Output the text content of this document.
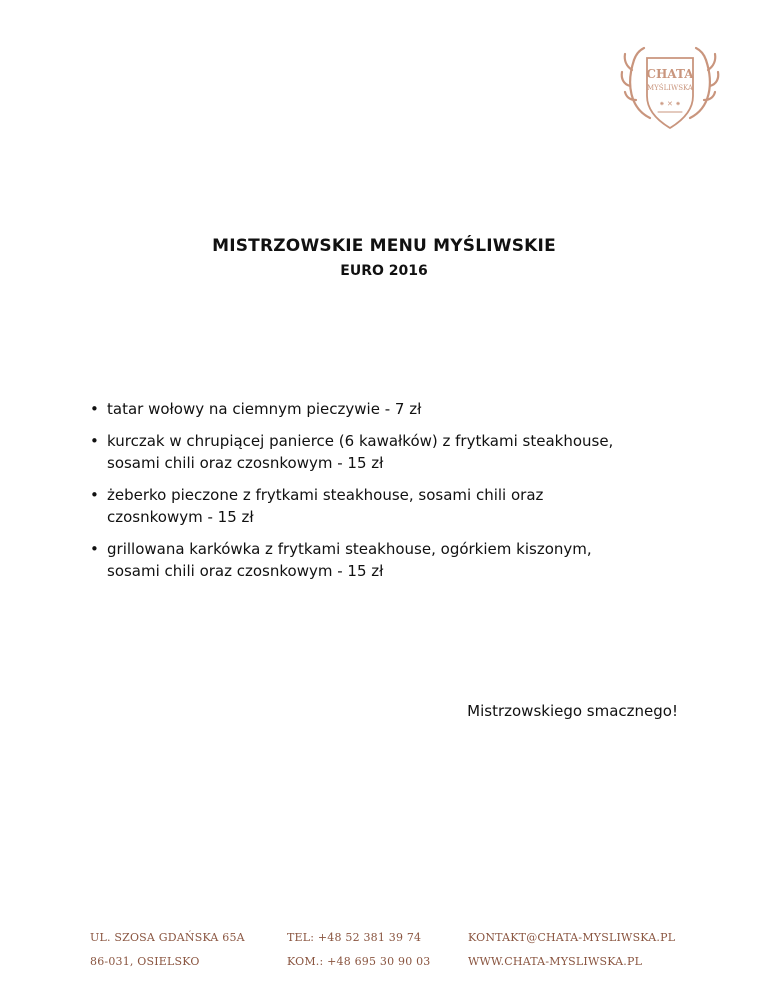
CHATA
MYŚLIWSKA
⁕ ✕ ⁕
MISTRZOWSKIE MENU MYŚLIWSKIE
EURO 2016
• tatar wołowy na ciemnym pieczywie - 7 zł
• kurczak w chrupiącej panierce (6 kawałków) z frytkami steakhouse,
sosami chili oraz czosnkowym - 15 zł
• żeberko pieczone z frytkami steakhouse, sosami chili oraz
czosnkowym - 15 zł
• grillowana karkówka z frytkami steakhouse, ogórkiem kiszonym,
sosami chili oraz czosnkowym - 15 zł
Mistrzowskiego smacznego!
UL. SZOSA GDAŃSKA 65A
86-031, OSIELSKO
TEL: +48 52 381 39 74
KOM.: +48 695 30 90 03
KONTAKT@CHATA-MYSLIWSKA.PL
WWW.CHATA-MYSLIWSKA.PL
